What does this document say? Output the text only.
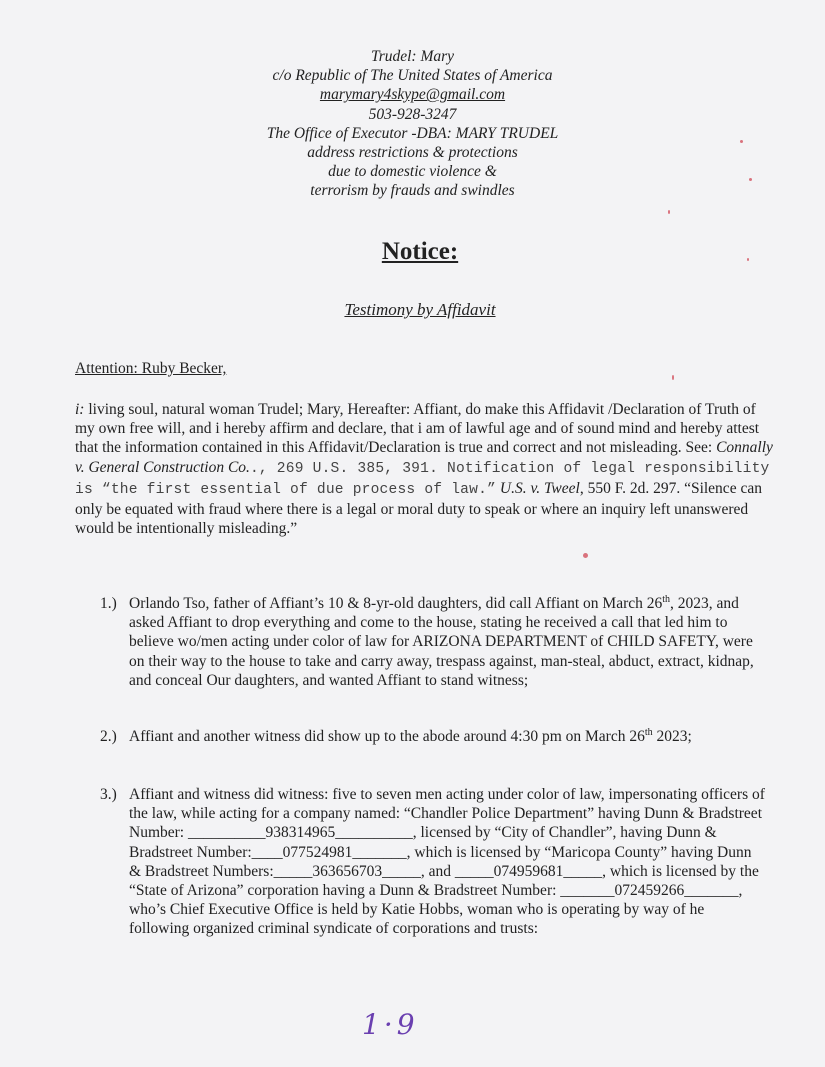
Trudel: Mary
c/o Republic of The United States of America
marymary4skype@gmail.com
503-928-3247
The Office of Executor -DBA: MARY TRUDEL
address restrictions & protections
due to domestic violence &
terrorism by frauds and swindles
Notice:
Testimony by Affidavit
Attention: Ruby Becker,
i: living soul, natural woman Trudel; Mary, Hereafter: Affiant, do make this Affidavit /Declaration of Truth of my own free will, and i hereby affirm and declare, that i am of lawful age and of sound mind and hereby attest that the information contained in this Affidavit/Declaration is true and correct and not misleading. See: Connally v. General Construction Co.., 269 U.S. 385, 391. Notification of legal responsibility is “the first essential of due process of law.” U.S. v. Tweel, 550 F. 2d. 297. “Silence can only be equated with fraud where there is a legal or moral duty to speak or where an inquiry left unanswered would be intentionally misleading.”
1.) Orlando Tso, father of Affiant’s 10 & 8-yr-old daughters, did call Affiant on March 26th, 2023, and asked Affiant to drop everything and come to the house, stating he received a call that led him to believe wo/men acting under color of law for ARIZONA DEPARTMENT of CHILD SAFETY, were on their way to the house to take and carry away, trespass against, man-steal, abduct, extract, kidnap, and conceal Our daughters, and wanted Affiant to stand witness;
2.) Affiant and another witness did show up to the abode around 4:30 pm on March 26th 2023;
3.) Affiant and witness did witness: five to seven men acting under color of law, impersonating officers of the law, while acting for a company named: “Chandler Police Department” having Dunn & Bradstreet Number: __________938314965__________, licensed by “City of Chandler”, having Dunn & Bradstreet Number:____077524981_______, which is licensed by “Maricopa County” having Dunn & Bradstreet Numbers:_____363656703_____, and _____074959681_____, which is licensed by the “State of Arizona” corporation having a Dunn & Bradstreet Number: _______072459266_______, who’s Chief Executive Office is held by Katie Hobbs, woman who is operating by way of he following organized criminal syndicate of corporations and trusts:
1·9
